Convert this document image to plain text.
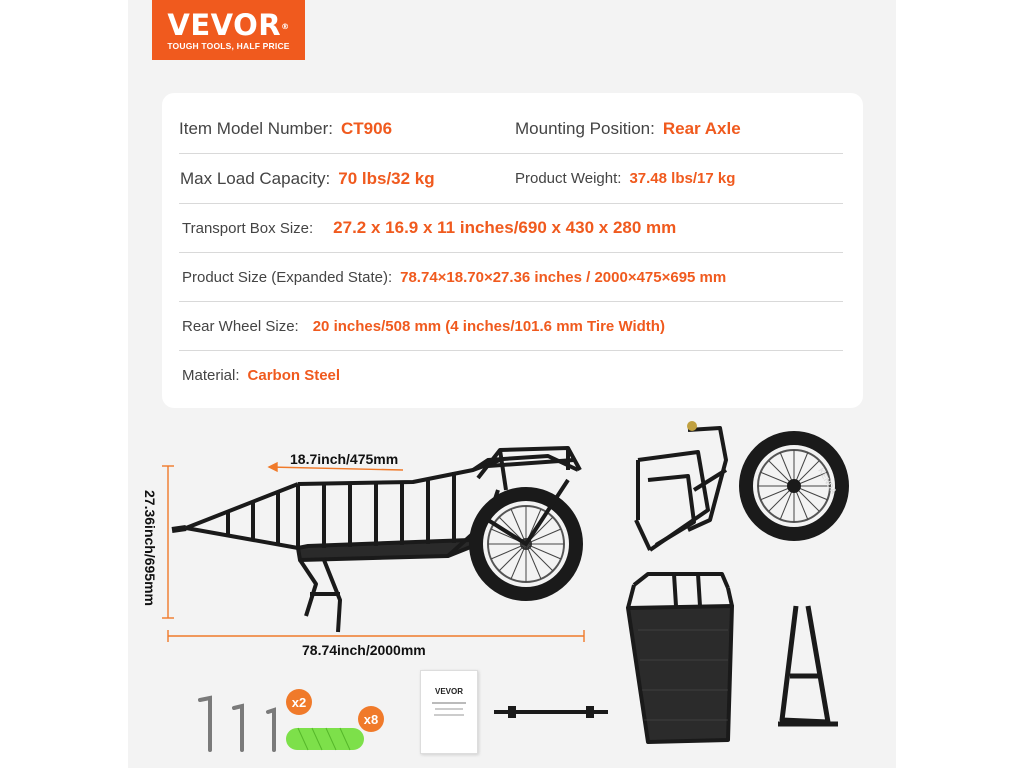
VEVOR®
TOUGH TOOLS, HALF PRICE
Item Model Number: CT906	Mounting Position: Rear Axle
Max Load Capacity: 70 lbs/32 kg	Product Weight: 37.48 lbs/17 kg
Transport Box Size: 27.2 x 16.9 x 11 inches/690 x 430 x 280 mm
Product Size (Expanded State): 78.74×18.70×27.36 inches / 2000×475×695 mm
Rear Wheel Size: 20 inches/508 mm (4 inches/101.6 mm Tire Width)
Material: Carbon Steel
18.7inch/475mm
78.74inch/2000mm
27.36inch/695mm
KENDA
x2
x8
VEVOR
